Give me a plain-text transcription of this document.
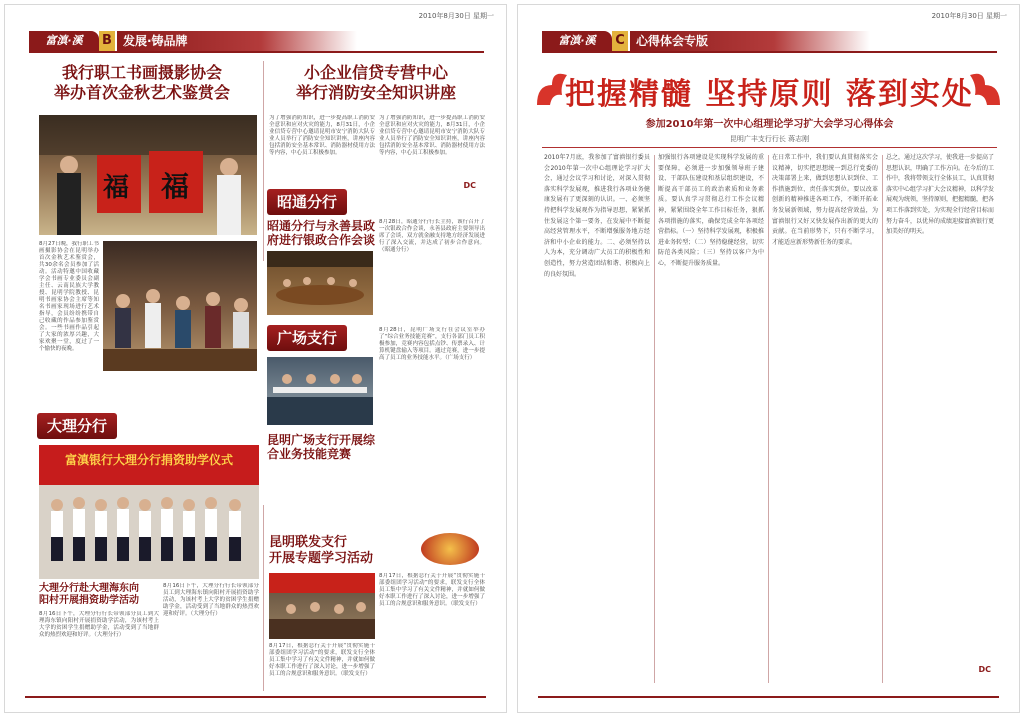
2010年8月30日 星期一
富滇·溪	B 发展·铸品牌
我行职工书画摄影协会
举办首次金秋艺术鉴赏会
福 福
8月27日晚，我行职工书画摄影协会在昆明举办首次金秋艺术鉴赏会，共30余名会员参加了活动。活动特邀中国收藏学会书画专业委员会副主任、云南民族大学教授、昆明学院教授、昆明书画家协会主席等知名书画家现场进行艺术指导，会员纷纷携带自己收藏的作品参加鉴赏会。一些书画作品引起了大家的浓厚兴趣，大家欢聚一堂，度过了一个愉快的夜晚。
小企业信贷专营中心
举行消防安全知识讲座
为了增强消防知识，进一步提高职工消防安全意识和应对火灾的能力，8月31日，小企业信贷专营中心邀请昆明市安宁消防大队专业人员举行了消防安全知识讲座，讲座内容包括消防安全基本常识、消防器材使用方法等内容，中心员工积极参加。
为了增强消防知识，进一步提高职工消防安全意识和应对火灾的能力，8月31日，小企业信贷专营中心邀请昆明市安宁消防大队专业人员举行了消防安全知识讲座，讲座内容包括消防安全基本常识、消防器材使用方法等内容，中心员工积极参加。
昭通分行
昭通分行与永善县政府进行银政合作会谈
8月28日，昭通分行行长主持，该行召开了一次银政合作会谈，永善县政府主要领导出席了会谈，双方就金融支持地方经济发展进行了深入交流，并达成了初步合作意向。（昭通分行）
广场支行	8月28日，昆明广场支行在会议室举办了“综合业务技能竞赛”，支行各部门员工积极参加，竞赛内容包括点钞、传票录入、计算机键盘输入等项目。通过竞赛，进一步提高了员工的业务技能水平。（广场支行）
昆明广场支行开展综合业务技能竞赛
大理分行
富滇银行大理分行捐资助学仪式
大理分行赴大理海东向
阳村开展捐资助学活动
8月16日下午，大理分行行长带领部分员工到大理海东镇向阳村开展捐资助学活动，为该村考上大学的贫困学生捐赠助学金，活动受到了当地群众的热烈欢迎和好评。（大理分行）
8月16日下午，大理分行行长带领部分员工到大理海东镇向阳村开展捐资助学活动，为该村考上大学的贫困学生捐赠助学金，活动受到了当地群众的热烈欢迎和好评。（大理分行）
昆明联发支行
开展专题学习活动
8月17日，根据总行关于开展“贯彻实施十部委组团学习活动”的要求，联发支行全体员工集中学习了有关文件精神，并就如何做好本职工作进行了深入讨论，进一步增强了员工的合规意识和服务意识。（联发支行）
8月17日，根据总行关于开展“贯彻实施十部委组团学习活动”的要求，联发支行全体员工集中学习了有关文件精神，并就如何做好本职工作进行了深入讨论，进一步增强了员工的合规意识和服务意识。（联发支行）
DC
2010年8月30日 星期一
富滇·溪	C 心得体会专版
把握精髓 坚持原则 落到实处
参加2010年第一次中心组理论学习扩大会学习心得体会
昆明广丰支行行长 蒋志刚
2010年7月底，我参加了富滇银行委员会2010年第一次中心组理论学习扩大会，通过会议学习和讨论，对深入贯彻落实科学发展观，推进我行各项业务健康发展有了更深刻的认识。一、必须坚持把科学发展观作为指导思想，紧紧抓住发展这个第一要务，在发展中不断提高经营管理水平，不断增强服务地方经济和中小企业的能力。二、必须坚持以人为本，充分调动广大员工的积极性和创造性，努力营造团结和谐、积极向上的良好氛围。
加强银行各项建设是实现科学发展的重要保障，必须进一步加强领导班子建设、干部队伍建设和基层组织建设，不断提高干部员工的政治素质和业务素质。要认真学习贯彻总行工作会议精神，紧紧围绕全年工作目标任务，狠抓各项措施的落实，确保完成全年各项经营指标。（一）坚持科学发展观，积极推进业务转型；（二）坚持稳健经营，切实防范各类风险；（三）坚持以客户为中心，不断提升服务质量。
在日常工作中，我们要认真贯彻落实会议精神，切实把思想统一到总行党委的决策部署上来，做到思想认识到位、工作措施到位、责任落实到位。要以改革创新的精神推进各项工作，不断开拓业务发展新领域，努力提高经营效益，为富滇银行又好又快发展作出新的更大的贡献。在当前形势下，只有不断学习，才能适应新形势新任务的要求。
总之，通过这次学习，使我进一步提高了思想认识，明确了工作方向。在今后的工作中，我将带领支行全体员工，认真贯彻落实中心组学习扩大会议精神，以科学发展观为统领，坚持原则，把握精髓，把各项工作落到实处，为实现全行经营目标而努力奋斗，以优异的成绩迎接富滇银行更加美好的明天。
DC
